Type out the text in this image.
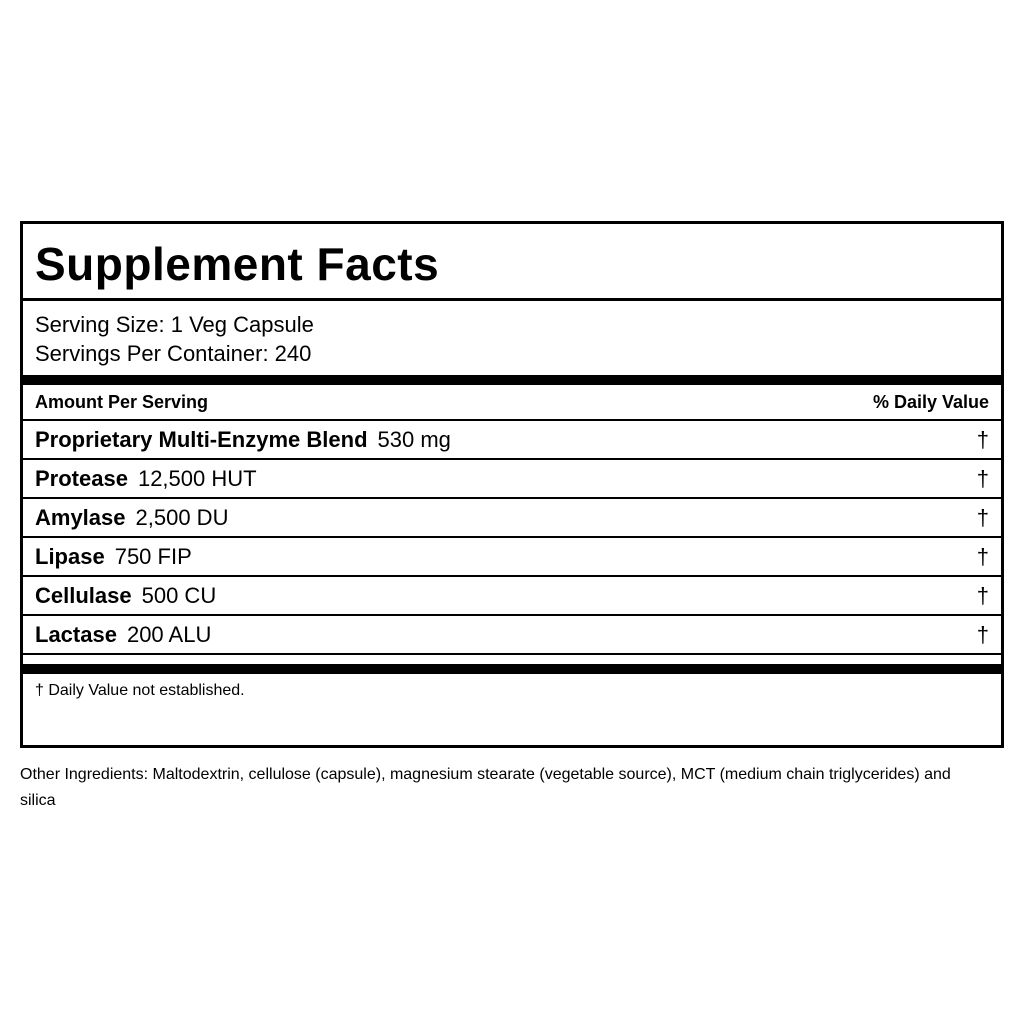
Supplement Facts
Serving Size: 1 Veg Capsule
Servings Per Container: 240
Amount Per Serving	% Daily Value
Proprietary Multi-Enzyme Blend 530 mg	†
Protease 12,500 HUT	†
Amylase 2,500 DU	†
Lipase 750 FIP	†
Cellulase 500 CU	†
Lactase 200 ALU	†
† Daily Value not established.
Other Ingredients: Maltodextrin, cellulose (capsule), magnesium stearate (vegetable source), MCT (medium chain triglycerides) and silica
